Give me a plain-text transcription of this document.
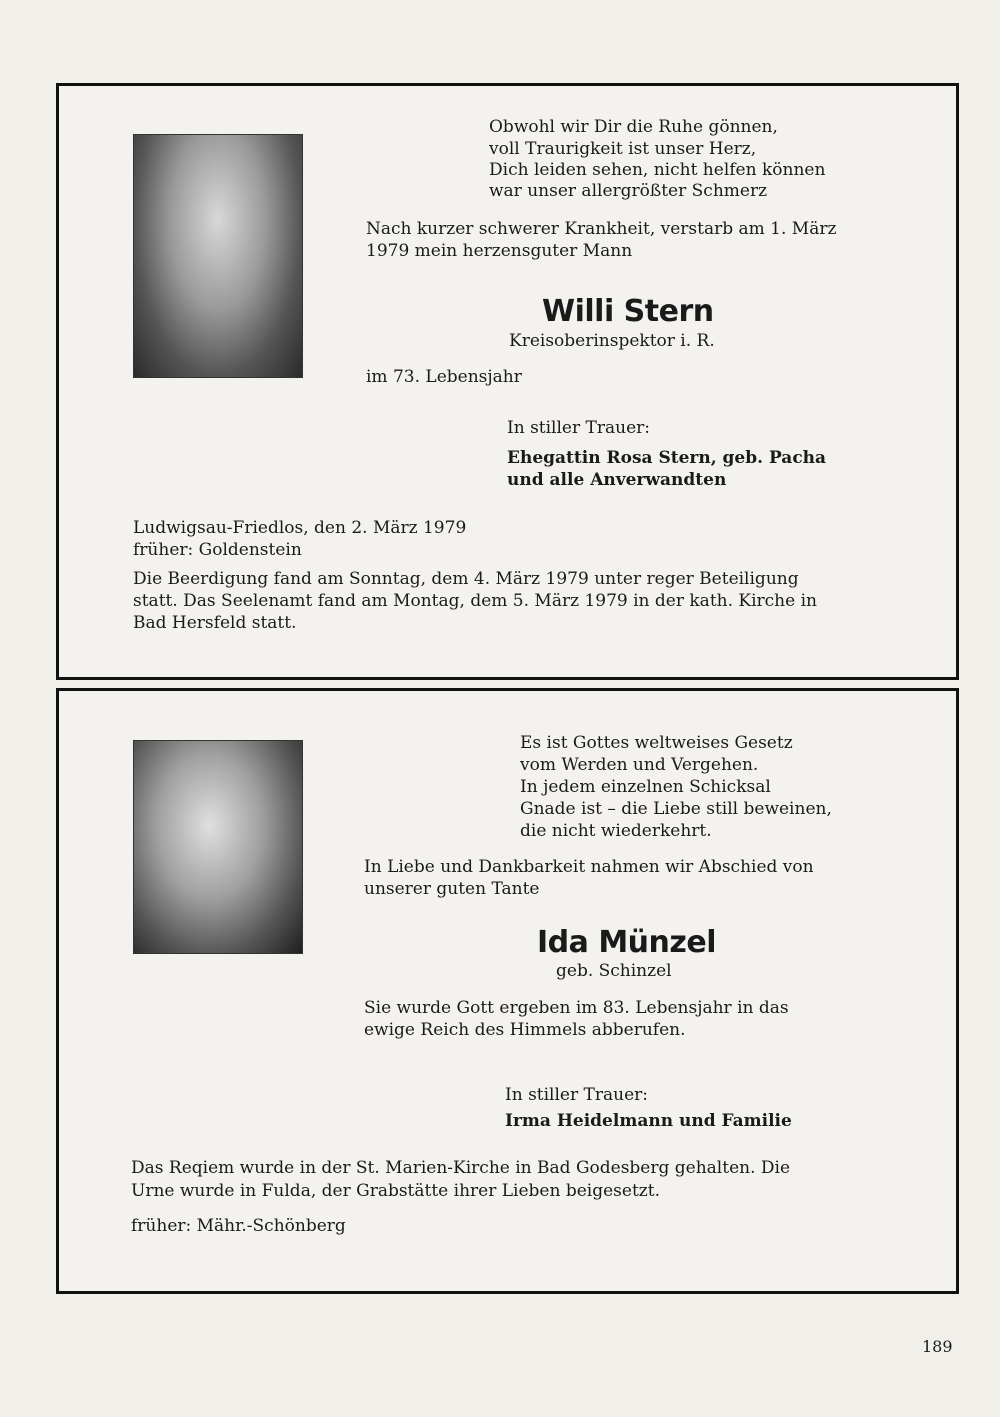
Obwohl wir Dir die Ruhe gönnen,
voll Traurigkeit ist unser Herz,
Dich leiden sehen, nicht helfen können
war unser allergrößter Schmerz
Nach kurzer schwerer Krankheit, verstarb am 1. März
1979 mein herzensguter Mann
Willi Stern
Kreisoberinspektor i. R.
im 73. Lebensjahr
In stiller Trauer:
Ehegattin Rosa Stern, geb. Pacha
und alle Anverwandten
Ludwigsau-Friedlos, den 2. März 1979
früher: Goldenstein
Die Beerdigung fand am Sonntag, dem 4. März 1979 unter reger Beteiligung
statt. Das Seelenamt fand am Montag, dem 5. März 1979 in der kath. Kirche in
Bad Hersfeld statt.
Es ist Gottes weltweises Gesetz
vom Werden und Vergehen.
In jedem einzelnen Schicksal
Gnade ist – die Liebe still beweinen,
die nicht wiederkehrt.
In Liebe und Dankbarkeit nahmen wir Abschied von
unserer guten Tante
Ida Münzel
geb. Schinzel
Sie wurde Gott ergeben im 83. Lebensjahr in das
ewige Reich des Himmels abberufen.
In stiller Trauer:
Irma Heidelmann und Familie
Das Reqiem wurde in der St. Marien-Kirche in Bad Godesberg gehalten. Die
Urne wurde in Fulda, der Grabstätte ihrer Lieben beigesetzt.
früher: Mähr.-Schönberg
189
